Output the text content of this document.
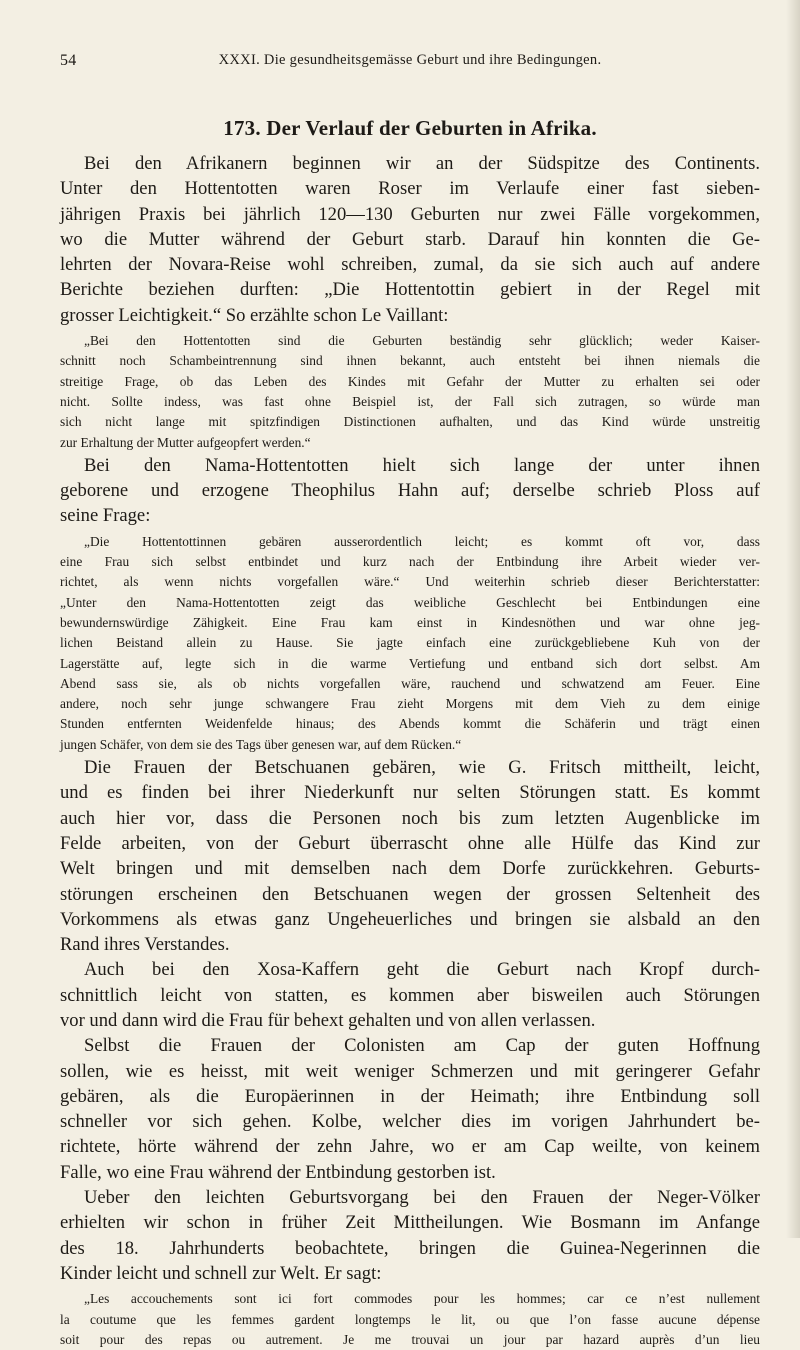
54	XXXI. Die gesundheitsgemässe Geburt und ihre Bedingungen.
173. Der Verlauf der Geburten in Afrika.
Bei den Afrikanern beginnen wir an der Südspitze des Continents.
Unter den Hottentotten waren Roser im Verlaufe einer fast sieben-
jährigen Praxis bei jährlich 120—130 Geburten nur zwei Fälle vorgekommen,
wo die Mutter während der Geburt starb. Darauf hin konnten die Ge-
lehrten der Novara-Reise wohl schreiben, zumal, da sie sich auch auf andere
Berichte beziehen durften: „Die Hottentottin gebiert in der Regel mit
grosser Leichtigkeit.“ So erzählte schon Le Vaillant:
„Bei den Hottentotten sind die Geburten beständig sehr glücklich; weder Kaiser-
schnitt noch Schambeintrennung sind ihnen bekannt, auch entsteht bei ihnen niemals die
streitige Frage, ob das Leben des Kindes mit Gefahr der Mutter zu erhalten sei oder
nicht. Sollte indess, was fast ohne Beispiel ist, der Fall sich zutragen, so würde man
sich nicht lange mit spitzfindigen Distinctionen aufhalten, und das Kind würde unstreitig
zur Erhaltung der Mutter aufgeopfert werden.“
Bei den Nama-Hottentotten hielt sich lange der unter ihnen
geborene und erzogene Theophilus Hahn auf; derselbe schrieb Ploss auf
seine Frage:
„Die Hottentottinnen gebären ausserordentlich leicht; es kommt oft vor, dass
eine Frau sich selbst entbindet und kurz nach der Entbindung ihre Arbeit wieder ver-
richtet, als wenn nichts vorgefallen wäre.“ Und weiterhin schrieb dieser Berichterstatter:
„Unter den Nama-Hottentotten zeigt das weibliche Geschlecht bei Entbindungen eine
bewundernswürdige Zähigkeit. Eine Frau kam einst in Kindesnöthen und war ohne jeg-
lichen Beistand allein zu Hause. Sie jagte einfach eine zurückgebliebene Kuh von der
Lagerstätte auf, legte sich in die warme Vertiefung und entband sich dort selbst. Am
Abend sass sie, als ob nichts vorgefallen wäre, rauchend und schwatzend am Feuer. Eine
andere, noch sehr junge schwangere Frau zieht Morgens mit dem Vieh zu dem einige
Stunden entfernten Weidenfelde hinaus; des Abends kommt die Schäferin und trägt einen
jungen Schäfer, von dem sie des Tags über genesen war, auf dem Rücken.“
Die Frauen der Betschuanen gebären, wie G. Fritsch mittheilt, leicht,
und es finden bei ihrer Niederkunft nur selten Störungen statt. Es kommt
auch hier vor, dass die Personen noch bis zum letzten Augenblicke im
Felde arbeiten, von der Geburt überrascht ohne alle Hülfe das Kind zur
Welt bringen und mit demselben nach dem Dorfe zurückkehren. Geburts-
störungen erscheinen den Betschuanen wegen der grossen Seltenheit des
Vorkommens als etwas ganz Ungeheuerliches und bringen sie alsbald an den
Rand ihres Verstandes.
Auch bei den Xosa-Kaffern geht die Geburt nach Kropf durch-
schnittlich leicht von statten, es kommen aber bisweilen auch Störungen
vor und dann wird die Frau für behext gehalten und von allen verlassen.
Selbst die Frauen der Colonisten am Cap der guten Hoffnung
sollen, wie es heisst, mit weit weniger Schmerzen und mit geringerer Gefahr
gebären, als die Europäerinnen in der Heimath; ihre Entbindung soll
schneller vor sich gehen. Kolbe, welcher dies im vorigen Jahrhundert be-
richtete, hörte während der zehn Jahre, wo er am Cap weilte, von keinem
Falle, wo eine Frau während der Entbindung gestorben ist.
Ueber den leichten Geburtsvorgang bei den Frauen der Neger-Völker
erhielten wir schon in früher Zeit Mittheilungen. Wie Bosmann im Anfange
des 18. Jahrhunderts beobachtete, bringen die Guinea-Negerinnen die
Kinder leicht und schnell zur Welt. Er sagt:
„Les accouchements sont ici fort commodes pour les hommes; car ce n’est nullement
la coutume que les femmes gardent longtemps le lit, ou que l’on fasse aucune dépense
soit pour des repas ou autrement. Je me trouvai un jour par hazard auprès d’un lieu
